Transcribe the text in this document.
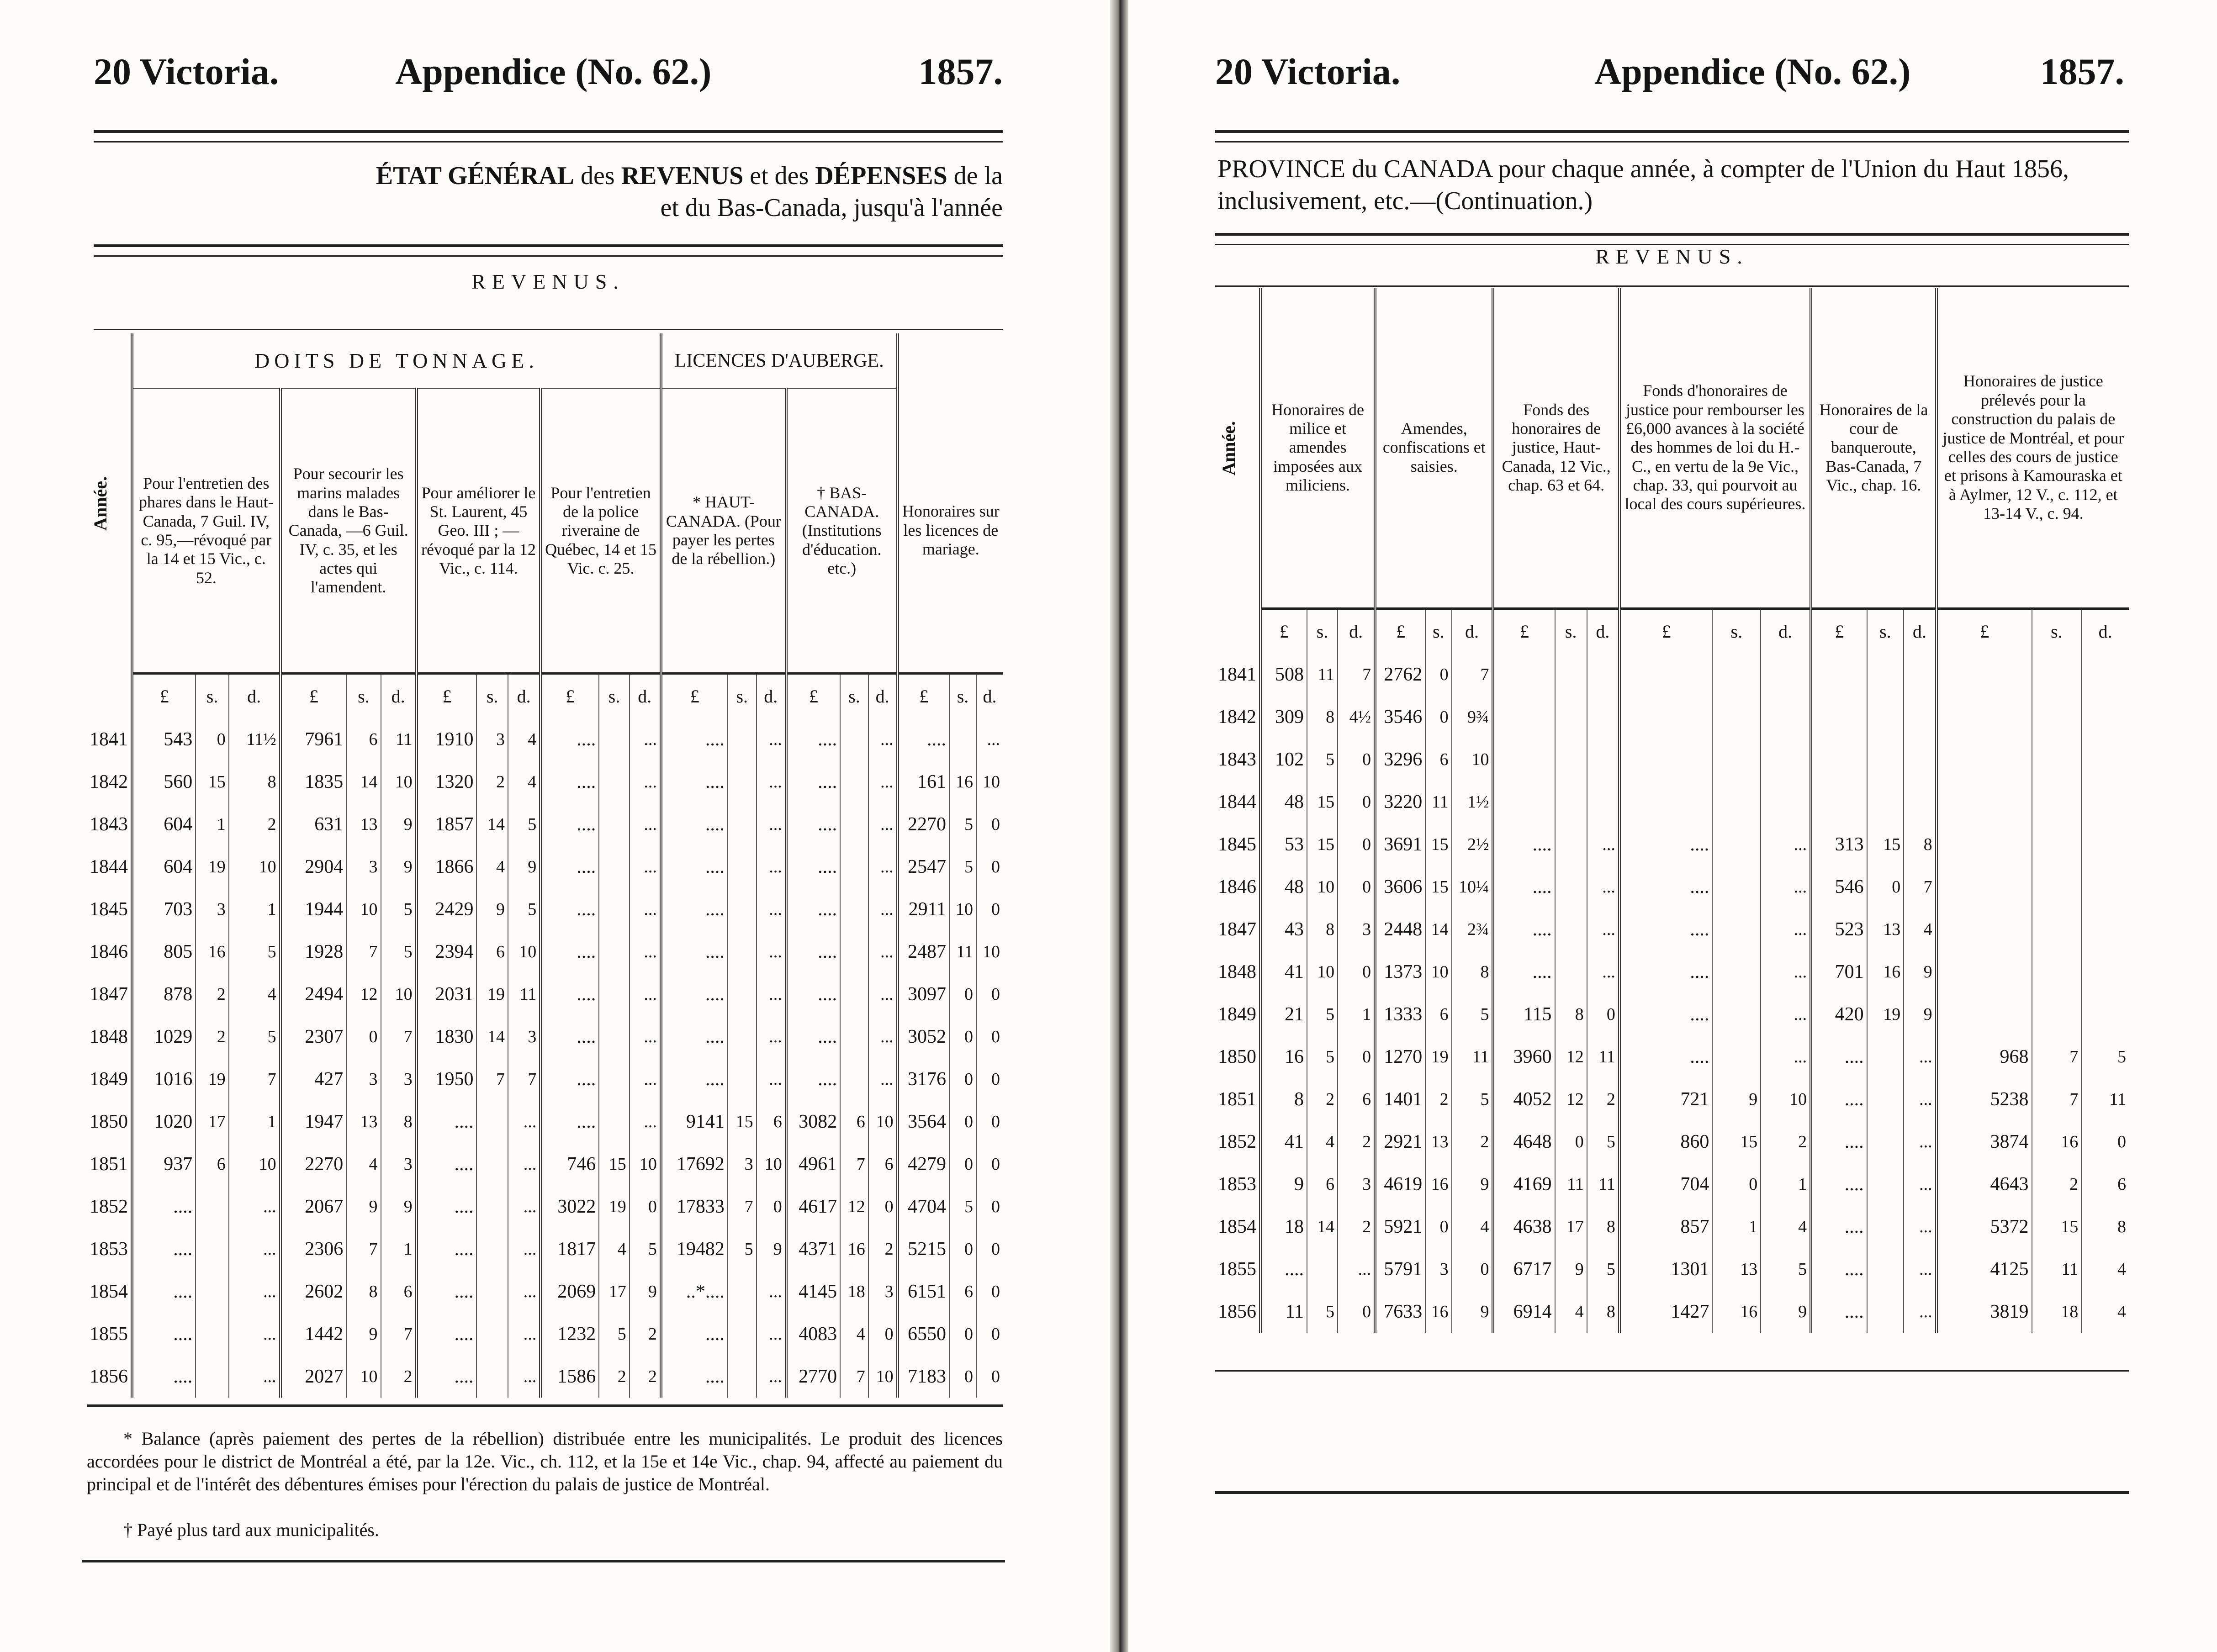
20 Victoria.	Appendice (No. 62.)	1857.
ÉTAT GÉNÉRAL des REVENUS et des DÉPENSES de la
et du Bas-Canada, jusqu'à l'année
REVENUS.
Année.	DOITS DE TONNAGE.												LICENCES D'AUBERGE.								
	Pour l'entretien des phares dans le Haut-Canada, 7 Guil. IV, c. 95,—révoqué par la 14 et 15 Vic., c. 52.			Pour secourir les marins malades dans le Bas-Canada, —6 Guil. IV, c. 35, et les actes qui l'amendent.			Pour améliorer le St. Laurent, 45 Geo. III ; —révoqué par la 12 Vic., c. 114.			Pour l'entretien de la police riveraine de Québec, 14 et 15 Vic. c. 25.			* HAUT-CANADA. (Pour payer les pertes de la rébellion.)			† BAS-CANADA. (Institutions d'éducation. etc.)			Honoraires sur les licences de mariage.		
	£	s.	d.	£	s.	d.	£	s.	d.	£	s.	d.	£	s.	d.	£	s.	d.	£	s.	d.
1841	543	0	11½	7961	6	11	1910	3	4	....		...	....		...	....		...	....		...
1842	560	15	8	1835	14	10	1320	2	4	....		...	....		...	....		...	161	16	10
1843	604	1	2	631	13	9	1857	14	5	....		...	....		...	....		...	2270	5	0
1844	604	19	10	2904	3	9	1866	4	9	....		...	....		...	....		...	2547	5	0
1845	703	3	1	1944	10	5	2429	9	5	....		...	....		...	....		...	2911	10	0
1846	805	16	5	1928	7	5	2394	6	10	....		...	....		...	....		...	2487	11	10
1847	878	2	4	2494	12	10	2031	19	11	....		...	....		...	....		...	3097	0	0
1848	1029	2	5	2307	0	7	1830	14	3	....		...	....		...	....		...	3052	0	0
1849	1016	19	7	427	3	3	1950	7	7	....		...	....		...	....		...	3176	0	0
1850	1020	17	1	1947	13	8	....		...	....		...	9141	15	6	3082	6	10	3564	0	0
1851	937	6	10	2270	4	3	....		...	746	15	10	17692	3	10	4961	7	6	4279	0	0
1852	....		...	2067	9	9	....		...	3022	19	0	17833	7	0	4617	12	0	4704	5	0
1853	....		...	2306	7	1	....		...	1817	4	5	19482	5	9	4371	16	2	5215	0	0
1854	....		...	2602	8	6	....		...	2069	17	9	..*....		...	4145	18	3	6151	6	0
1855	....		...	1442	9	7	....		...	1232	5	2	....		...	4083	4	0	6550	0	0
1856	....		...	2027	10	2	....		...	1586	2	2	....		...	2770	7	10	7183	0	0
* Balance (après paiement des pertes de la rébellion) distribuée entre les municipalités. Le produit des licences accordées pour le district de Montréal a été, par la 12e. Vic., ch. 112, et la 15e et 14e Vic., chap. 94, affecté au paiement du principal et de l'intérêt des débentures émises pour l'érection du palais de justice de Montréal.
† Payé plus tard aux municipalités.
20 Victoria.	Appendice (No. 62.)	1857.
PROVINCE du CANADA pour chaque année, à compter de l'Union du Haut 1856, inclusivement, etc.—(Continuation.)
REVENUS.
Année.	Honoraires de milice et amendes imposées aux miliciens.			Amendes, confiscations et saisies.			Fonds des honoraires de justice, Haut-Canada, 12 Vic., chap. 63 et 64.			Fonds d'honoraires de justice pour rembourser les £6,000 avances à la société des hommes de loi du H.-C., en vertu de la 9e Vic., chap. 33, qui pourvoit au local des cours supérieures.			Honoraires de la cour de banqueroute, Bas-Canada, 7 Vic., chap. 16.			Honoraires de justice prélevés pour la construction du palais de justice de Montréal, et pour celles des cours de justice et prisons à Kamouraska et à Aylmer, 12 V., c. 112, et 13-14 V., c. 94.		
	£	s.	d.	£	s.	d.	£	s.	d.	£	s.	d.	£	s.	d.	£	s.	d.
1841	508	11	7	2762	0	7												
1842	309	8	4½	3546	0	9¾												
1843	102	5	0	3296	6	10												
1844	48	15	0	3220	11	1½												
1845	53	15	0	3691	15	2½	....		...	....		...	313	15	8			
1846	48	10	0	3606	15	10¼	....		...	....		...	546	0	7			
1847	43	8	3	2448	14	2¾	....		...	....		...	523	13	4			
1848	41	10	0	1373	10	8	....		...	....		...	701	16	9			
1849	21	5	1	1333	6	5	115	8	0	....		...	420	19	9			
1850	16	5	0	1270	19	11	3960	12	11	....		...	....		...	968	7	5
1851	8	2	6	1401	2	5	4052	12	2	721	9	10	....		...	5238	7	11
1852	41	4	2	2921	13	2	4648	0	5	860	15	2	....		...	3874	16	0
1853	9	6	3	4619	16	9	4169	11	11	704	0	1	....		...	4643	2	6
1854	18	14	2	5921	0	4	4638	17	8	857	1	4	....		...	5372	15	8
1855	....		...	5791	3	0	6717	9	5	1301	13	5	....		...	4125	11	4
1856	11	5	0	7633	16	9	6914	4	8	1427	16	9	....		...	3819	18	4
